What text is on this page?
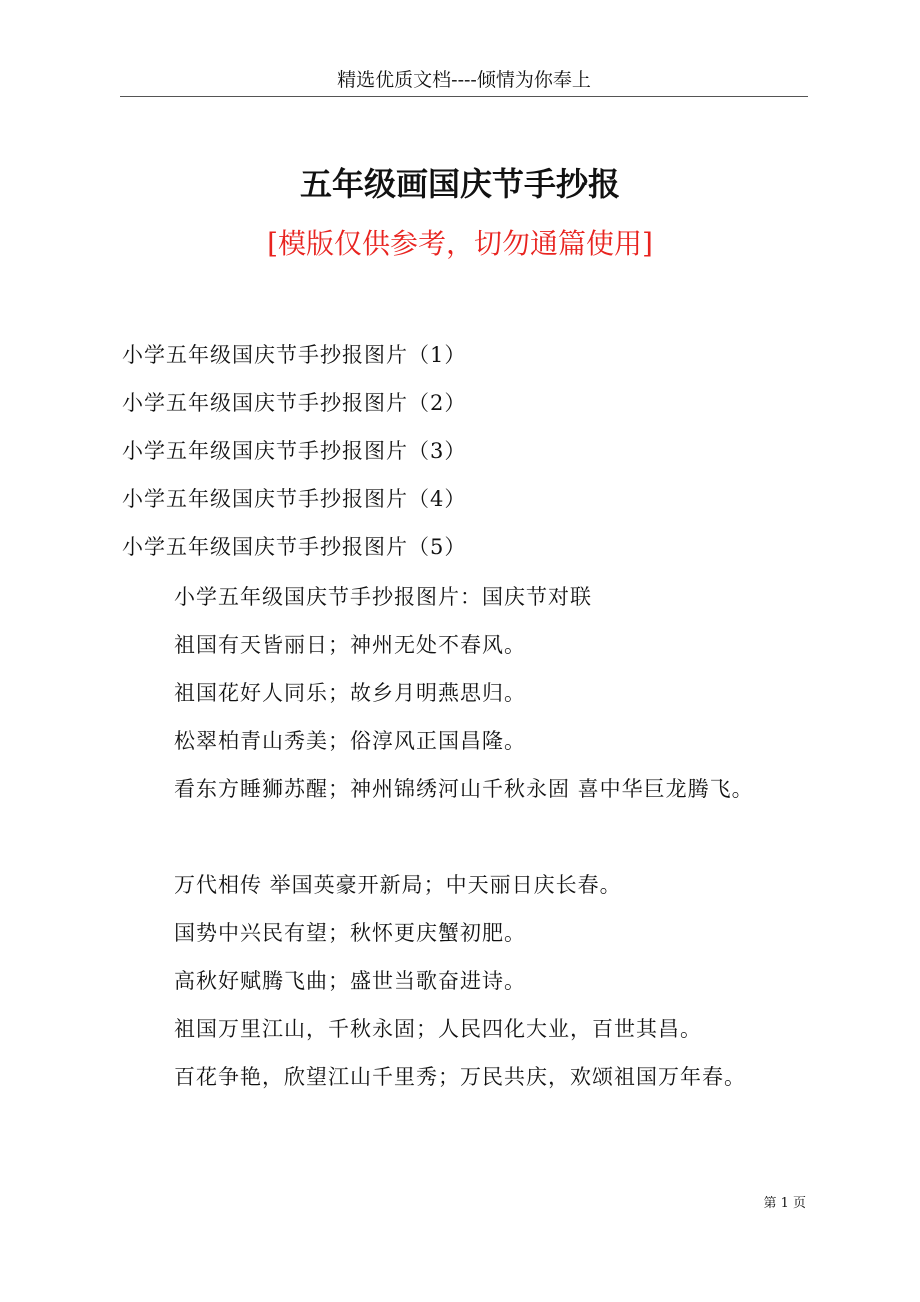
精选优质文档----倾情为你奉上
五年级画国庆节手抄报
[模版仅供参考，切勿通篇使用]
小学五年级国庆节手抄报图片（1）
小学五年级国庆节手抄报图片（2）
小学五年级国庆节手抄报图片（3）
小学五年级国庆节手抄报图片（4）
小学五年级国庆节手抄报图片（5）
小学五年级国庆节手抄报图片：国庆节对联
祖国有天皆丽日；神州无处不春风。
祖国花好人同乐；故乡月明燕思归。
松翠柏青山秀美；俗淳风正国昌隆。
看东方睡狮苏醒；神州锦绣河山千秋永固 喜中华巨龙腾飞。
万代相传 举国英豪开新局；中天丽日庆长春。
国势中兴民有望；秋怀更庆蟹初肥。
高秋好赋腾飞曲；盛世当歌奋进诗。
祖国万里江山，千秋永固；人民四化大业，百世其昌。
百花争艳，欣望江山千里秀；万民共庆，欢颂祖国万年春。
第 1 页
